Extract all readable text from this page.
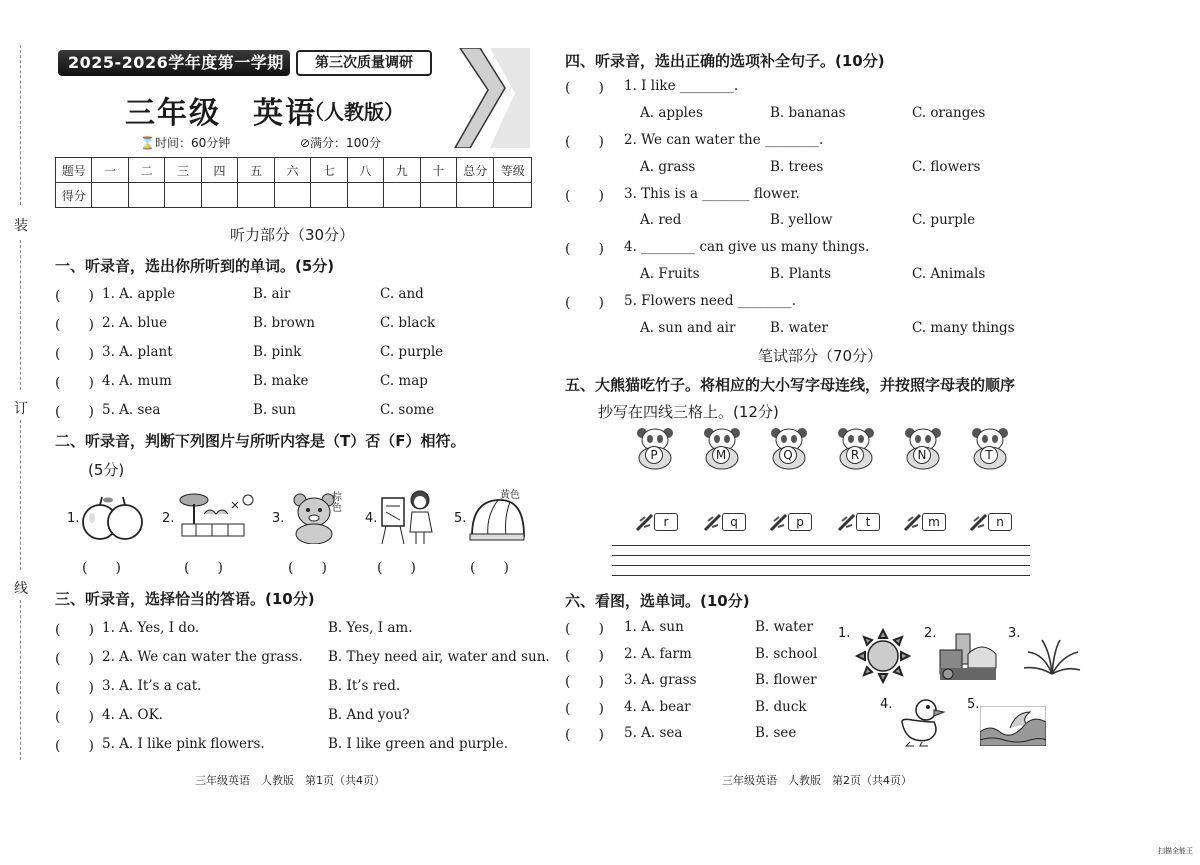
装
订
线
2025-2026学年度第一学期	第三次质量调研
三年级　英语
（人教版）
⌛时间：60分钟	⊘满分：100分
题号	一	二	三	四	五	六	七	八	九	十	总分	等级
得分												
听力部分（30分）
一、听录音，选出你所听到的单词。(5分)
(　　) 1. A. apple	B. air	C. and
(　　) 2. A. blue	B. brown	C. black
(　　) 3. A. plant	B. pink	C. purple
(　　) 4. A. mum	B. make	C. map
(　　) 5. A. sea	B. sun	C. some
二、听录音，判断下列图片与所听内容是（T）否（F）相符。
(5分)
1.	2.	3.
棕色
4.	5.
黄色
(　　)	(　　)	(　　)	(　　)	(　　)
三、听录音，选择恰当的答语。(10分)
(　　) 1. A. Yes, I do.	B. Yes, I am.
(　　) 2. A. We can water the grass. B. They need air, water and sun.
(　　) 3. A. It’s a cat.	B. It’s red.
(　　) 4. A. OK.	B. And you?
(　　) 5. A. I like pink flowers.	B. I like green and purple.
三年级英语　人教版　第1页（共4页）
四、听录音，选出正确的选项补全句子。(10分)
(　　) 1. I like ________.
A. apples	B. bananas	C. oranges
(　　) 2. We can water the ________.
A. grass	B. trees	C. flowers
(　　) 3. This is a _______ flower.
A. red	B. yellow	C. purple
(　　) 4. ________ can give us many things.
A. Fruits	B. Plants	C. Animals
(　　) 5. Flowers need ________.
A. sun and air	B. water	C. many things
笔试部分（70分）
五、大熊猫吃竹子。将相应的大小写字母连线，并按照字母表的顺序
抄写在四线三格上。(12分)
P	M	Q	R	N	T
r	q	p	t	m	n
六、看图，选单词。(10分)
(　　) 1. A. sun	B. water
(　　) 2. A. farm	B. school
(　　) 3. A. grass	B. flower
(　　) 4. A. bear	B. duck
(　　) 5. A. sea	B. see
1.	2.	3.
4.	5.
三年级英语　人教版　第2页（共4页）
扫描全能王
